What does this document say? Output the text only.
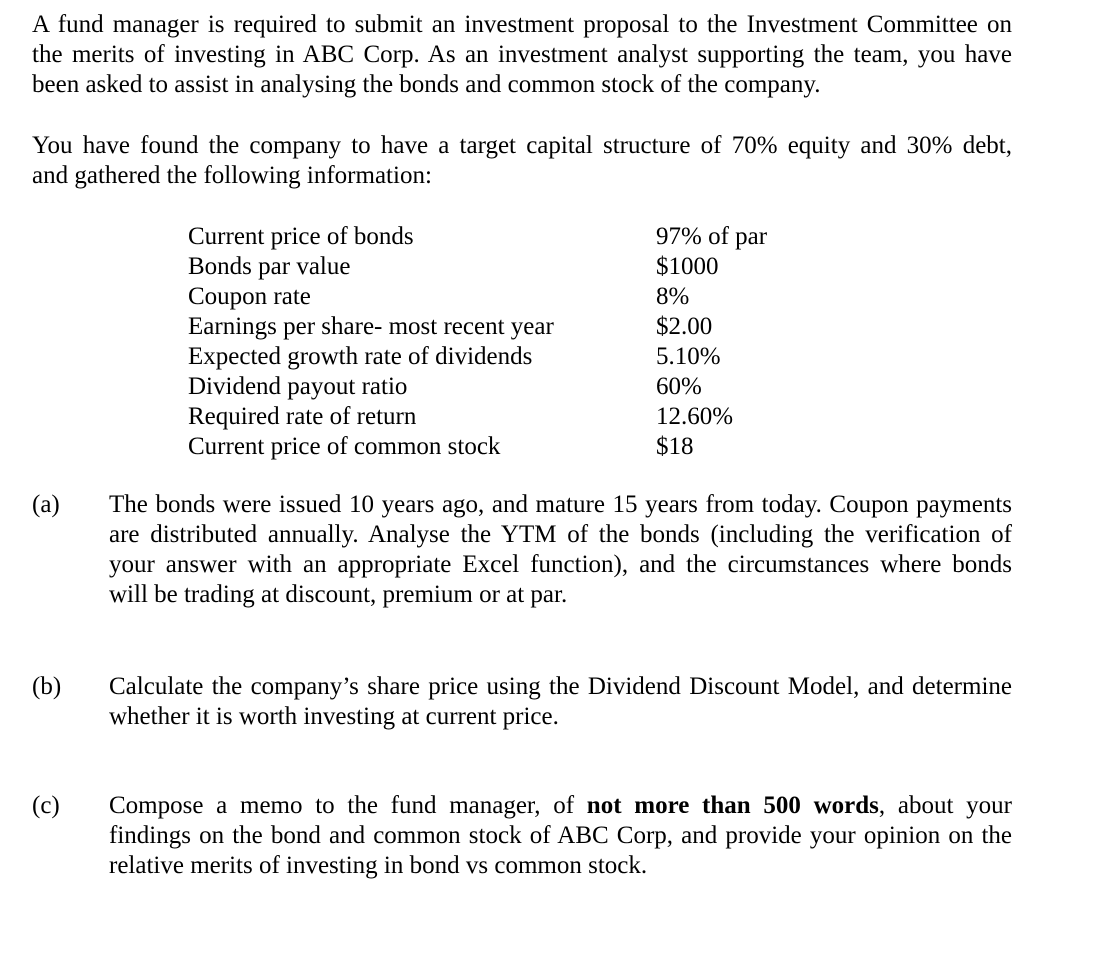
A fund manager is required to submit an investment proposal to the Investment Committee on
the merits of investing in ABC Corp. As an investment analyst supporting the team, you have
been asked to assist in analysing the bonds and common stock of the company.
You have found the company to have a target capital structure of 70% equity and 30% debt,
and gathered the following information:
Current price of bonds	97% of par
Bonds par value	$1000
Coupon rate	8%
Earnings per share- most recent year	$2.00
Expected growth rate of dividends	5.10%
Dividend payout ratio	60%
Required rate of return	12.60%
Current price of common stock	$18
(a)	The bonds were issued 10 years ago, and mature 15 years from today. Coupon payments
are distributed annually. Analyse the YTM of the bonds (including the verification of
your answer with an appropriate Excel function), and the circumstances where bonds
will be trading at discount, premium or at par.
(b)	Calculate the company’s share price using the Dividend Discount Model, and determine
whether it is worth investing at current price.
(c)	Compose a memo to the fund manager, of not more than 500 words, about your
findings on the bond and common stock of ABC Corp, and provide your opinion on the
relative merits of investing in bond vs common stock.
